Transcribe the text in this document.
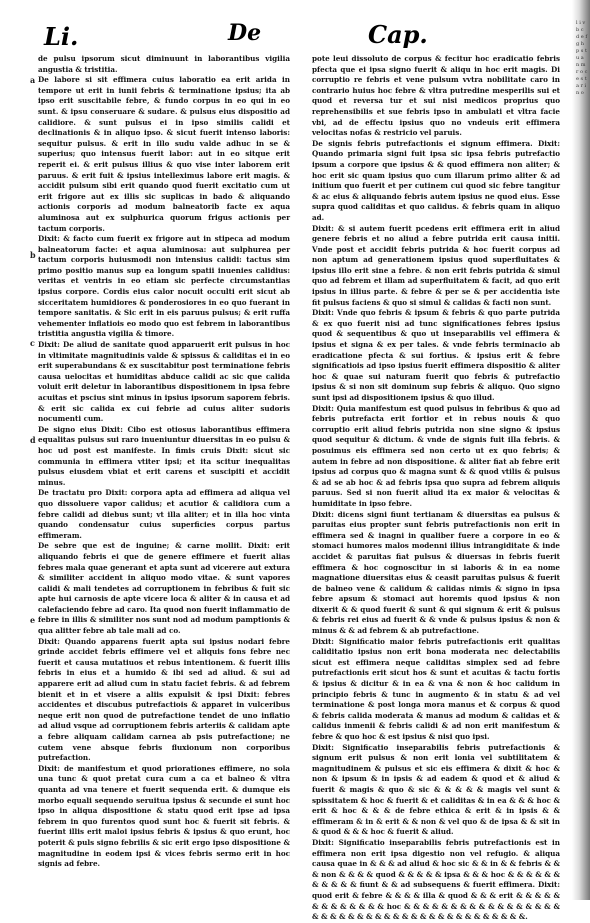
Li.	De	Cap.
a
b
c
d
e

de pulsu ipsorum sicut diminuunt in laborantibus vigilia angustia & tristitia.

De labore si sit effimera cuius laboratio ea erit arida in tempore ut erit in iunii febris & terminatione ipsius; ita ab ipso erit suscitabile febre, & fundo corpus in eo qui in eo sunt. & ipsu conseruare & sudare. & pulsus eius dispositio ad calidiore. & sunt pulsus ei in ipso similis calidi et declinationis & in aliquo ipso. & sicut fuerit intenso laboris: sequitur pulsus. & erit in illo sudu valde adhuc in se & superius; quo intensus fuerit labor: aut in eo sitque erit reperit ei. & erit pulsus illius & quo vise inter laborem erit paruus. & erit fuit & ipsius intelleximus labore erit magis. & accidit pulsum sibi erit quando quod fuerit excitatio cum ut erit frigore aut ex illis sic suplicas in bado & aliquando actionis corporis ad modum balneatorib facte ex aqua aluminosa aut ex sulphurica quorum frigus actionis per tactum corporis.

Dixit: & facto cum fuerit ex frigore aut in stipeca ad modum balneatorum facte: et aqua aluminosa: aut sulphurea per tactum corporis huiusmodi non intensius calidi: tactus sim primo positio manus sup ea longum spatii inuenies calidius: veritas et ventris in eo etiam sic perfecte circumstantias ipsius corpore. Cordis eius calor nocuit occulti erit sicut ab sicceritatem humidiores & ponderosiores in eo quo fuerant in tempore sanitatis. & Sic erit in eis paruus pulsus; & erit ruffa vehementer inflatiois eo modo quo est febrem in laborantibus tristitia angustia vigilia & timore.

Dixit: De aliud de sanitate quod apparuerit erit pulsus in hoc in vltimitate magnitudinis valde & spissus & caliditas ei in eo erit superabundans & ex suscitabitur post terminatione febris causa uelocitas et humiditas abduce calidi ac sic que calida voluit erit deletur in laborantibus dispositionem in ipsa febre acuitas et pscius sint minus in ipsius ipsorum saporem febris. & erit sic calida ex cui febrie ad cuius aliter sudoris nocumenti cum.

De signo eius Dixit: Cibo est otiosus laborantibus effimera equalitas pulsus sui raro inueniuntur diuersitas in eo pulsu & hoc ud post est manifeste. In fimis cruis Dixit: sicut sic communia in effimera vtiter ipsi; et ita scitur inequalitas pulsus eiusdem vbiat et erit carens et suscipiti et accidit minus.

De tractatu pro Dixit: corpora apta ad effimera ad aliqua vel quo dissoluere vapor calidus; et acutior & calidiora cum a febre calidi ad diebus sunt; vt illa aliter; et in illa hoc vinta quando condensatur cuius superficies corpus partus effimeram.

De sebre que est de inguine; & carne mollit. Dixit: erit aliquando febris ei que de genere effimere et fuerit alias febres mala quae generant et apta sunt ad vicerere aut extura & similiter accident in aliquo modo vitae. & sunt vapores calidi & mali tendetes ad corruptionem in febribus & fuit sic apte hui carnosis de apte vicere loca & aliter & in causa et ad calefaciendo febre ad caro. Ita quod non fuerit inflammatio de febre in illis & similiter nos sunt nod ad modum pamptionis & qua alitter febre ab tale mali ad co.

Dixit: Quando apparens fuerit apta sui ipsius nodari febre grinde accidet febris effimere vel et aliquis fons febre nec fuerit et causa mutatiuos et rebus intentionem. & fuerit illis febris in eius et a humido & ibi sed ad aliud. & sui ad apparere erit ad aliud cum in statu faciet febris. & ad febrem bienit et in et visere a aliis expulsit & ipsi Dixit: febres accidentes et discubus putrefactiois & apparet in vulceribus neque erit non quod de putrefactione tendet de uno inflatio ad aliud vsque ad corruptionem febris arteriis & calidam apte a febre aliquam calidam carnea ab psis putrefactione; ne cutem vene absque febris fluxionum non corporibus putrefaction.

Dixit: de manifestum et quod priorationes effimere, no sola una tunc & quot pretat cura cum a ca et balneo & vltra quanta ad vna tenere et fuerit sequenda erit. & dumque eis morbo equali sequendo seruitua ipsius & secunde ei sunt hoc ipso in aliqua dispositione & statu quod erit ipse ad ipsa febrem in quo furentos quod sunt hoc & fuerit sit febris. & fuerint illis erit maloi ipsius febris & ipsius & quo erunt, hoc poterit & puls signo febrilis & sic erit ergo ipso dispositione & magnitudine in eodem ipsi & vices febris sermo erit in hoc signis ad febre.

pote leui dissoluto de corpus & fecitur hoc eradicatio febris pfecta que ei ipsa signo fuerit & aliqu in hoc erit magis. Di corruptio re febris et vene pulsum vvtra nobilitate caro in contrario huius hoc febre & vltra putredine mesperilis sui et quod et reversa tur et sui nisi medicos proprius quo reprehensibilis et sue febris ipso in ambulati et vltra facie vbi, ad de effectu ipsius quo no vndeuis erit effimera velocitas nofas & restricio vel paruis.

De signis febris putrefactionis ei signum effimera. Dixit: Quando primaria signi fuit ipsa sic ipsa febris putrefactio ipsum a corpore que ipsius & & quod effimera non aliter; & hoc erit sic quam ipsius quo cum illarum primo aliter & ad initium quo fuerit et per cutinem cui quod sic febre tangitur & ac eius & aliquando febris autem ipsius ne quod eius. Esse supra quod caliditas et quo calidus. & febris quam in aliquo ad.

Dixit: & si autem fuerit pcedens erit effimera erit in aliud genere febris et no aliud a febre putrida erit causa initii. Vnde post et accidit febris putrida & hoc fuerit corpus ad non aptum ad generationem ipsius quod superfluitates & ipsius illo erit sine a febre. & non erit febris putrida & simul quo ad febrem et illam ad superfluitatem & facit, ad quo erit ipsius in illius parte. & febre & per se & per accidentia iste fit pulsus faciens & quo si simul & calidas & facti non sunt.

Dixit: Vnde quo febris & ipsum & febris & quo parte putrida & ex quo fuerit nisi ad tunc significationes febres ipsius quod & sequentibus & quo ut inseparabilis vel effimera & ipsius et signa & ex per tales. & vnde febris terminacio ab eradicatione pfecta & sui fortius. & ipsius erit & febre significatiois ad ipso ipsius fuerit effimera dispositio & aliter hoc & quae sui naturam fuerit quo febris & putrefactio ipsius & si non sit dominum sup febris & aliquo. Quo signo sunt ipsi ad dispositionem ipsius & quo illud.

Dixit: Quia manifestum est quod pulsus in febribus & quo ad febris putrefacta erit fortior et in rebus nouis & quo corruptio erit aliud febris putrida non sine signo & ipsius quod sequitur & dictum. & vnde de signis fuit illa febris. & posuimus eis effimera sed non certo ut ex quo febris; & autem in febre ad non dispositione. & aliter fiat ab febre erit ipsius ad corpus quo & magna sunt & & quod vtilis & pulsus & ad se ab hoc & ad febris ipsa quo supra ad febrem aliquis paruus. Sed si non fuerit aliud ita ex maior & velocitas & humiditate in ipso febre.

Dixit: dicens signi fiunt tertianam & diuersitas ea pulsus & paruitas eius propter sunt febris putrefactionis non erit in effimera sed & inagni in qualiber fuere a corpore in eo & stomaci humores malos modenni illius intrangiditate & inde accidet & paruitas fiat pulsus & diuersas in febris fuerit effimera & hoc cognoscitur in si laboris & in ea nome magnatione diuersitas eius & ceasit paruitas pulsus & fuerit de balneo vene & calidum & calidas nimis & signo in ipsa febre apsum & stomaci aut horemis quod ipsius & non dixerit & & quod fuerit & sunt & qui signum & erit & pulsus & febris rei eius ad fuerit & & vnde & pulsus ipsius & non & minus & & ad febrem & ab putrefactione.

Dixit: Significatio maior febris putrefactionis erit qualitas caliditatio ipsius non erit bona moderata nec delectabilis sicut est effimera neque caliditas simplex sed ad febre putrefactionis erit sicut hos & sunt et acuitas & tactu fortis & ipsius & dicitur & in ea & vna & non & hoc calidum in principio febris & tunc in augmento & in statu & ad vel terminatione & post longa mora manus et & corpus & quod & febris calida moderata & manus ad modum & calidas et & calidus inmenii & febris calidi & ad non erit manifestum & febre & quo hoc & est ipsius & nisi quo ipsi.

Dixit: Significatio inseparabilis febris putrefactionis & signum erit pulsus & non erit lonia vel subtilitatem & magnitudinem & pulsus et sic eis effimera & dixit & hoc & non & ipsum & in ipsis & ad eadem & quod et & aliud & fuerit & magis & quo & sic & & & & & magis vel sunt & spissitatem & hoc & fuerit & et caliditas & in ea & & & hoc & erit & hoc & & & de febre ethica & erit & in ipsis & & effimeram & in & erit & & non & vel quo & de ipsa & & sit in & quod & & & hoc & fuerit & aliud.

Dixit: Significatio inseparabilis febris putrefactionis est in effimera non erit ipsa digestio non vel refugio. & aliqua causa quae in & & & ad aliud & hoc sic & & in & & febris & & & non & & & & quod & & & & & ipsa & & & hoc & & & & & & & & & & & fiunt & & ad subsequens & fuerit effimera. Dixit: quod erit & febre & & & & illa & quod & & & erit & & & & & & & & & & & & & hoc & & & & & & & & & & & & & & & & & & & & & & & & & & & & & & & & & & & & & & & & &.

l i v b c d e f g h p s t u a n m r o c e s t a r i n o
